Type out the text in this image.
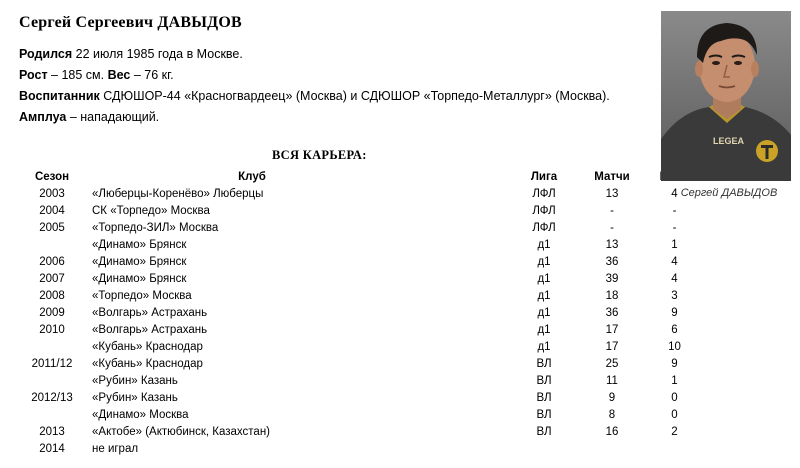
Сергей Сергеевич ДАВЫДОВ
Родился 22 июля 1985 года в Москве.
Рост – 185 см. Вес – 76 кг.
Воспитанник СДЮШОР-44 «Красногвардеец» (Москва) и СДЮШОР «Торпедо-Металлург» (Москва).
Амплуа – нападающий.
ВСЯ КАРЬЕРА:
Сезон	Клуб	Лига	Матчи	
2003	«Люберцы-Коренёво» Люберцы	ЛФЛ	13	4
2004	СК «Торпедо» Москва	ЛФЛ	-	-
2005	«Торпедо-ЗИЛ» Москва	ЛФЛ	-	-
	«Динамо» Брянск	д1	13	1
2006	«Динамо» Брянск	д1	36	4
2007	«Динамо» Брянск	д1	39	4
2008	«Торпедо» Москва	д1	18	3
2009	«Волгарь» Астрахань	д1	36	9
2010	«Волгарь» Астрахань	д1	17	6
	«Кубань» Краснодар	д1	17	10
2011/12	«Кубань» Краснодар	ВЛ	25	9
	«Рубин» Казань	ВЛ	11	1
2012/13	«Рубин» Казань	ВЛ	9	0
	«Динамо» Москва	ВЛ	8	0
2013	«Актобе» (Актюбинск, Казахстан)	ВЛ	16	2
2014	не играл			
LEGEA
Сергей ДАВЫДОВ
